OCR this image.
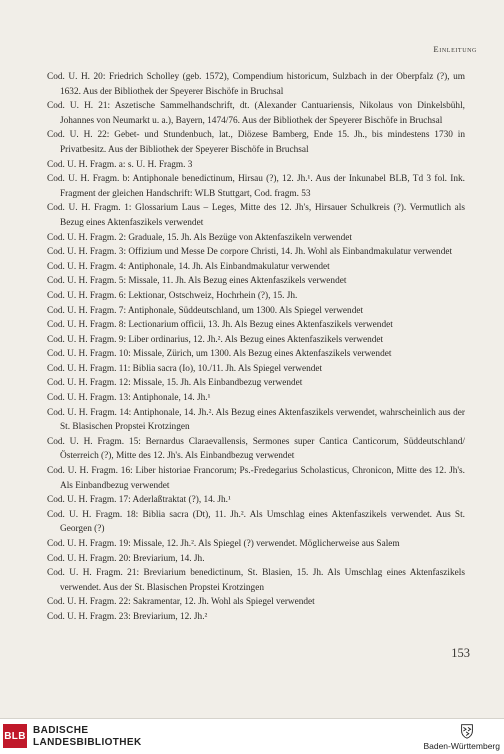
Einleitung
Cod. U. H. 20: Friedrich Scholley (geb. 1572), Compendium historicum, Sulzbach in der Oberpfalz (?), um 1632. Aus der Bibliothek der Speyerer Bischöfe in Bruchsal
Cod. U. H. 21: Aszetische Sammelhandschrift, dt. (Alexander Cantuariensis, Nikolaus von Dinkelsbühl, Johannes von Neumarkt u. a.), Bayern, 1474/76. Aus der Bibliothek der Speyerer Bischöfe in Bruchsal
Cod. U. H. 22: Gebet- und Stundenbuch, lat., Diözese Bamberg, Ende 15. Jh., bis mindestens 1730 in Privatbesitz. Aus der Bibliothek der Speyerer Bischöfe in Bruchsal
Cod. U. H. Fragm. a: s. U. H. Fragm. 3
Cod. U. H. Fragm. b: Antiphonale benedictinum, Hirsau (?), 12. Jh.¹. Aus der Inkunabel BLB, Td 3 fol. Ink. Fragment der gleichen Handschrift: WLB Stuttgart, Cod. fragm. 53
Cod. U. H. Fragm. 1: Glossarium Laus – Leges, Mitte des 12. Jh's, Hirsauer Schulkreis (?). Vermutlich als Bezug eines Aktenfaszikels verwendet
Cod. U. H. Fragm. 2: Graduale, 15. Jh. Als Bezüge von Aktenfaszikeln verwendet
Cod. U. H. Fragm. 3: Offizium und Messe De corpore Christi, 14. Jh. Wohl als Einbandmakulatur verwendet
Cod. U. H. Fragm. 4: Antiphonale, 14. Jh. Als Einbandmakulatur verwendet
Cod. U. H. Fragm. 5: Missale, 11. Jh. Als Bezug eines Aktenfaszikels verwendet
Cod. U. H. Fragm. 6: Lektionar, Ostschweiz, Hochrhein (?), 15. Jh.
Cod. U. H. Fragm. 7: Antiphonale, Süddeutschland, um 1300. Als Spiegel verwendet
Cod. U. H. Fragm. 8: Lectionarium officii, 13. Jh. Als Bezug eines Aktenfaszikels verwendet
Cod. U. H. Fragm. 9: Liber ordinarius, 12. Jh.². Als Bezug eines Aktenfaszikels verwendet
Cod. U. H. Fragm. 10: Missale, Zürich, um 1300. Als Bezug eines Aktenfaszikels verwendet
Cod. U. H. Fragm. 11: Biblia sacra (Io), 10./11. Jh. Als Spiegel verwendet
Cod. U. H. Fragm. 12: Missale, 15. Jh. Als Einbandbezug verwendet
Cod. U. H. Fragm. 13: Antiphonale, 14. Jh.¹
Cod. U. H. Fragm. 14: Antiphonale, 14. Jh.². Als Bezug eines Aktenfaszikels verwendet, wahrscheinlich aus der St. Blasischen Propstei Krotzingen
Cod. U. H. Fragm. 15: Bernardus Claraevallensis, Sermones super Cantica Canticorum, Süddeutschland/Österreich (?), Mitte des 12. Jh's. Als Einbandbezug verwendet
Cod. U. H. Fragm. 16: Liber historiae Francorum; Ps.-Fredegarius Scholasticus, Chronicon, Mitte des 12. Jh's. Als Einbandbezug verwendet
Cod. U. H. Fragm. 17: Aderlaßtraktat (?), 14. Jh.¹
Cod. U. H. Fragm. 18: Biblia sacra (Dt), 11. Jh.². Als Umschlag eines Aktenfaszikels verwendet. Aus St. Georgen (?)
Cod. U. H. Fragm. 19: Missale, 12. Jh.². Als Spiegel (?) verwendet. Möglicherweise aus Salem
Cod. U. H. Fragm. 20: Breviarium, 14. Jh.
Cod. U. H. Fragm. 21: Breviarium benedictinum, St. Blasien, 15. Jh. Als Umschlag eines Aktenfaszikels verwendet. Aus der St. Blasischen Propstei Krotzingen
Cod. U. H. Fragm. 22: Sakramentar, 12. Jh. Wohl als Spiegel verwendet
Cod. U. H. Fragm. 23: Breviarium, 12. Jh.²
153
BLB BADISCHE
LANDESBIBLIOTHEK	Baden-Württemberg
